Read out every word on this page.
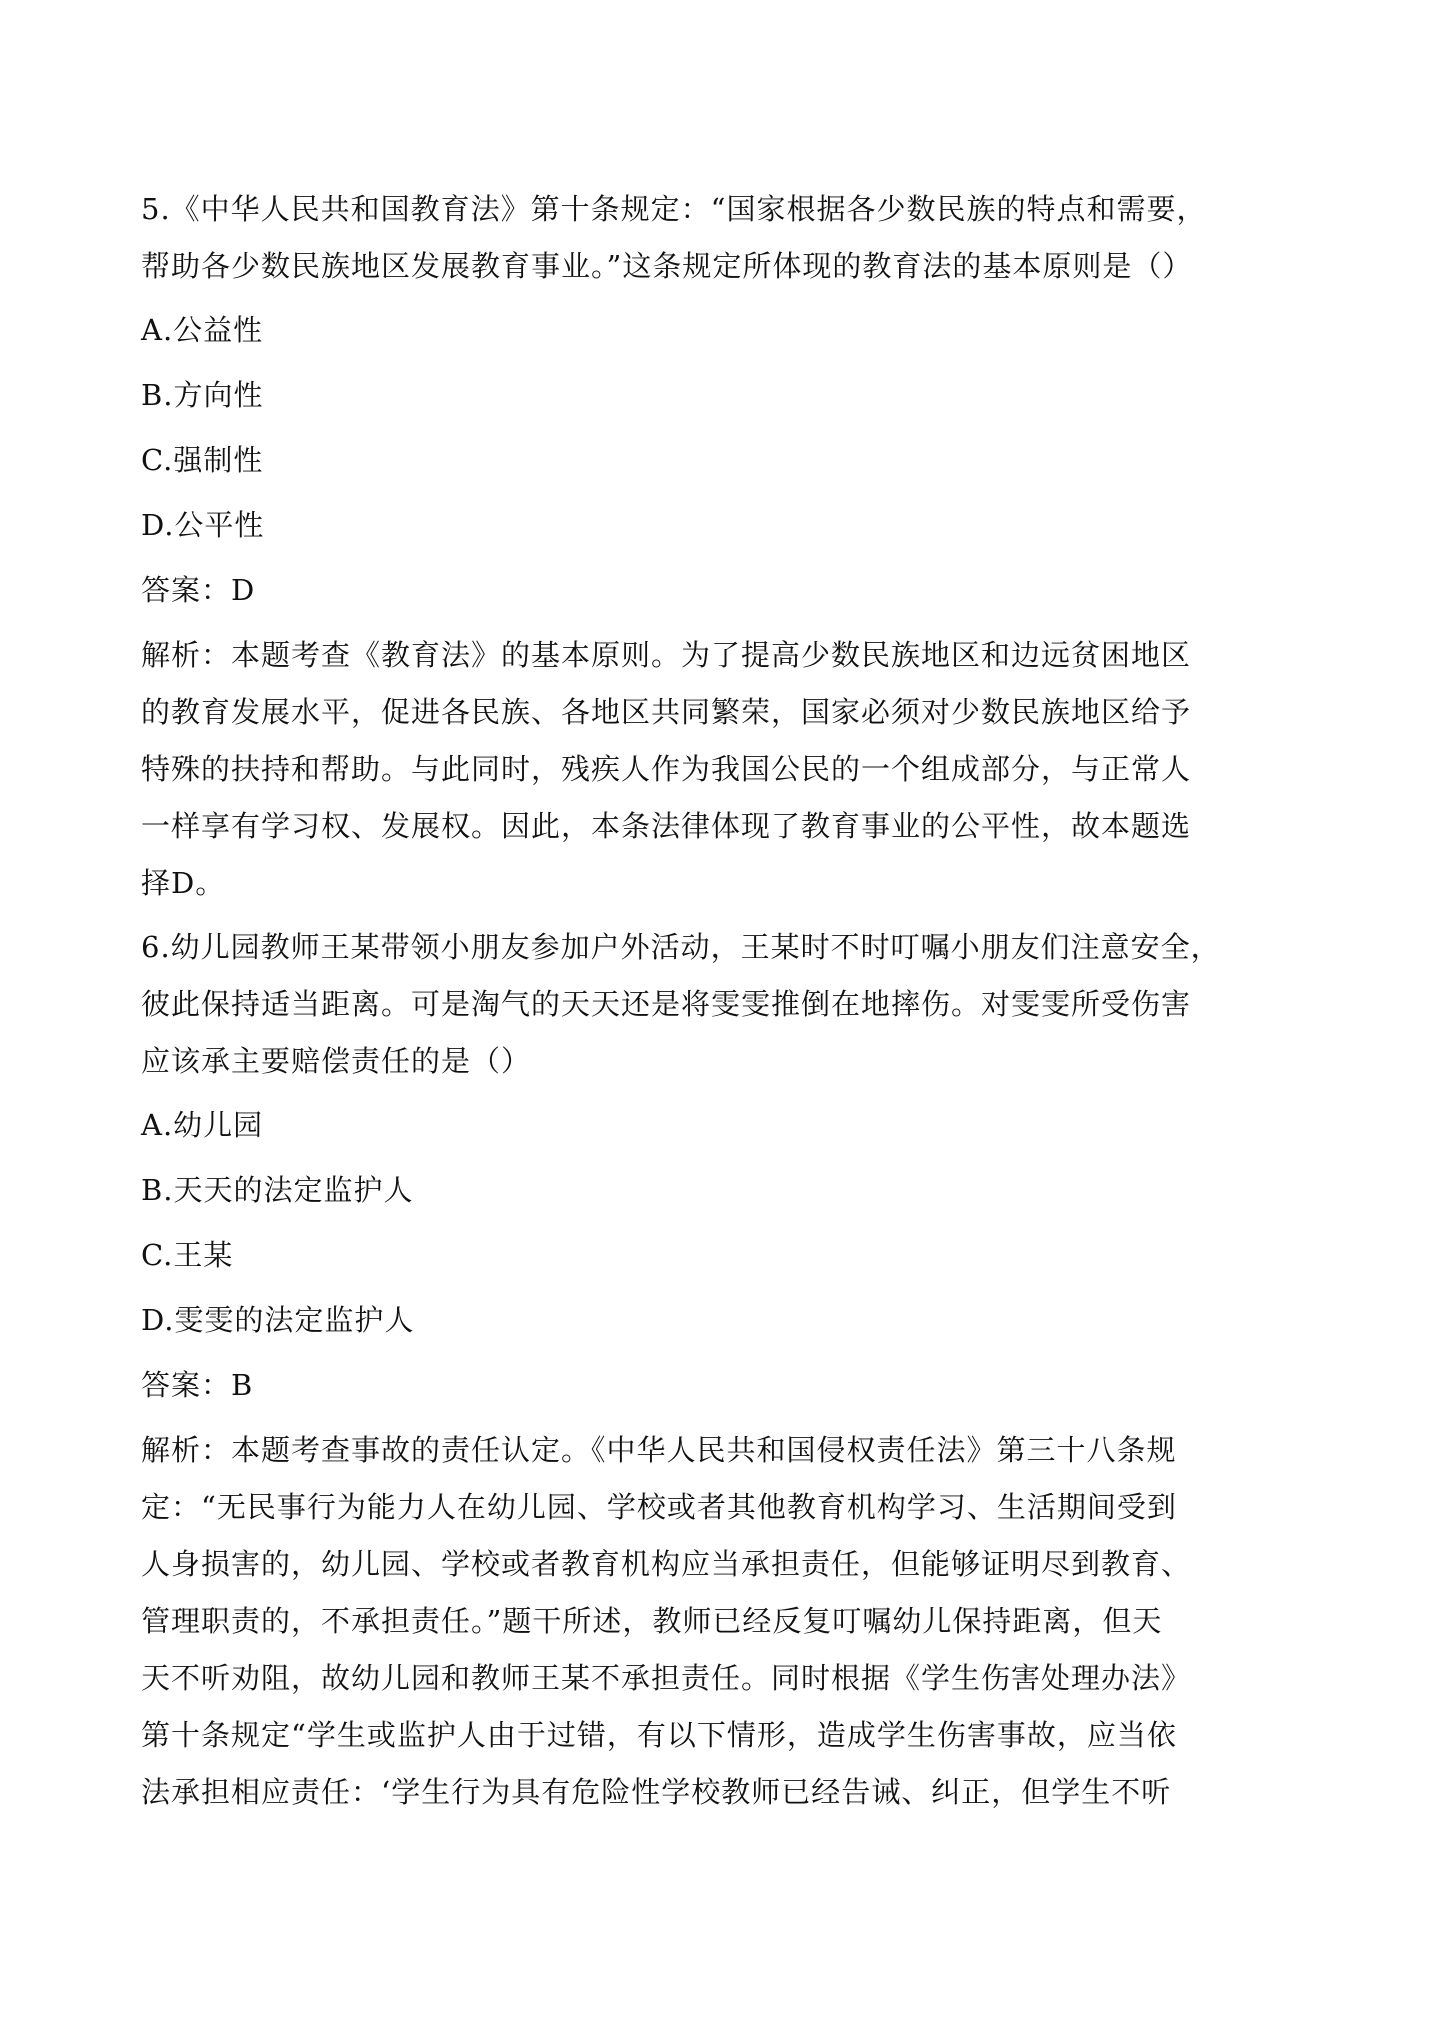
5.《中华人民共和国教育法》第十条规定：“国家根据各少数民族的特点和需要，
帮助各少数民族地区发展教育事业。”这条规定所体现的教育法的基本原则是（）
A.公益性
B.方向性
C.强制性
D.公平性
答案：D
解析：本题考查《教育法》的基本原则。为了提高少数民族地区和边远贫困地区
的教育发展水平，促进各民族、各地区共同繁荣，国家必须对少数民族地区给予
特殊的扶持和帮助。与此同时，残疾人作为我国公民的一个组成部分，与正常人
一样享有学习权、发展权。因此，本条法律体现了教育事业的公平性，故本题选
择D。
6.幼儿园教师王某带领小朋友参加户外活动，王某时不时叮嘱小朋友们注意安全，
彼此保持适当距离。可是淘气的天天还是将雯雯推倒在地摔伤。对雯雯所受伤害
应该承主要赔偿责任的是（）
A.幼儿园
B.天天的法定监护人
C.王某
D.雯雯的法定监护人
答案：B
解析：本题考查事故的责任认定。《中华人民共和国侵权责任法》第三十八条规
定：“无民事行为能力人在幼儿园、学校或者其他教育机构学习、生活期间受到
人身损害的，幼儿园、学校或者教育机构应当承担责任，但能够证明尽到教育、
管理职责的，不承担责任。”题干所述，教师已经反复叮嘱幼儿保持距离，但天
天不听劝阻，故幼儿园和教师王某不承担责任。同时根据《学生伤害处理办法》
第十条规定“学生或监护人由于过错，有以下情形，造成学生伤害事故，应当依
法承担相应责任：‘学生行为具有危险性学校教师已经告诫、纠正，但学生不听
